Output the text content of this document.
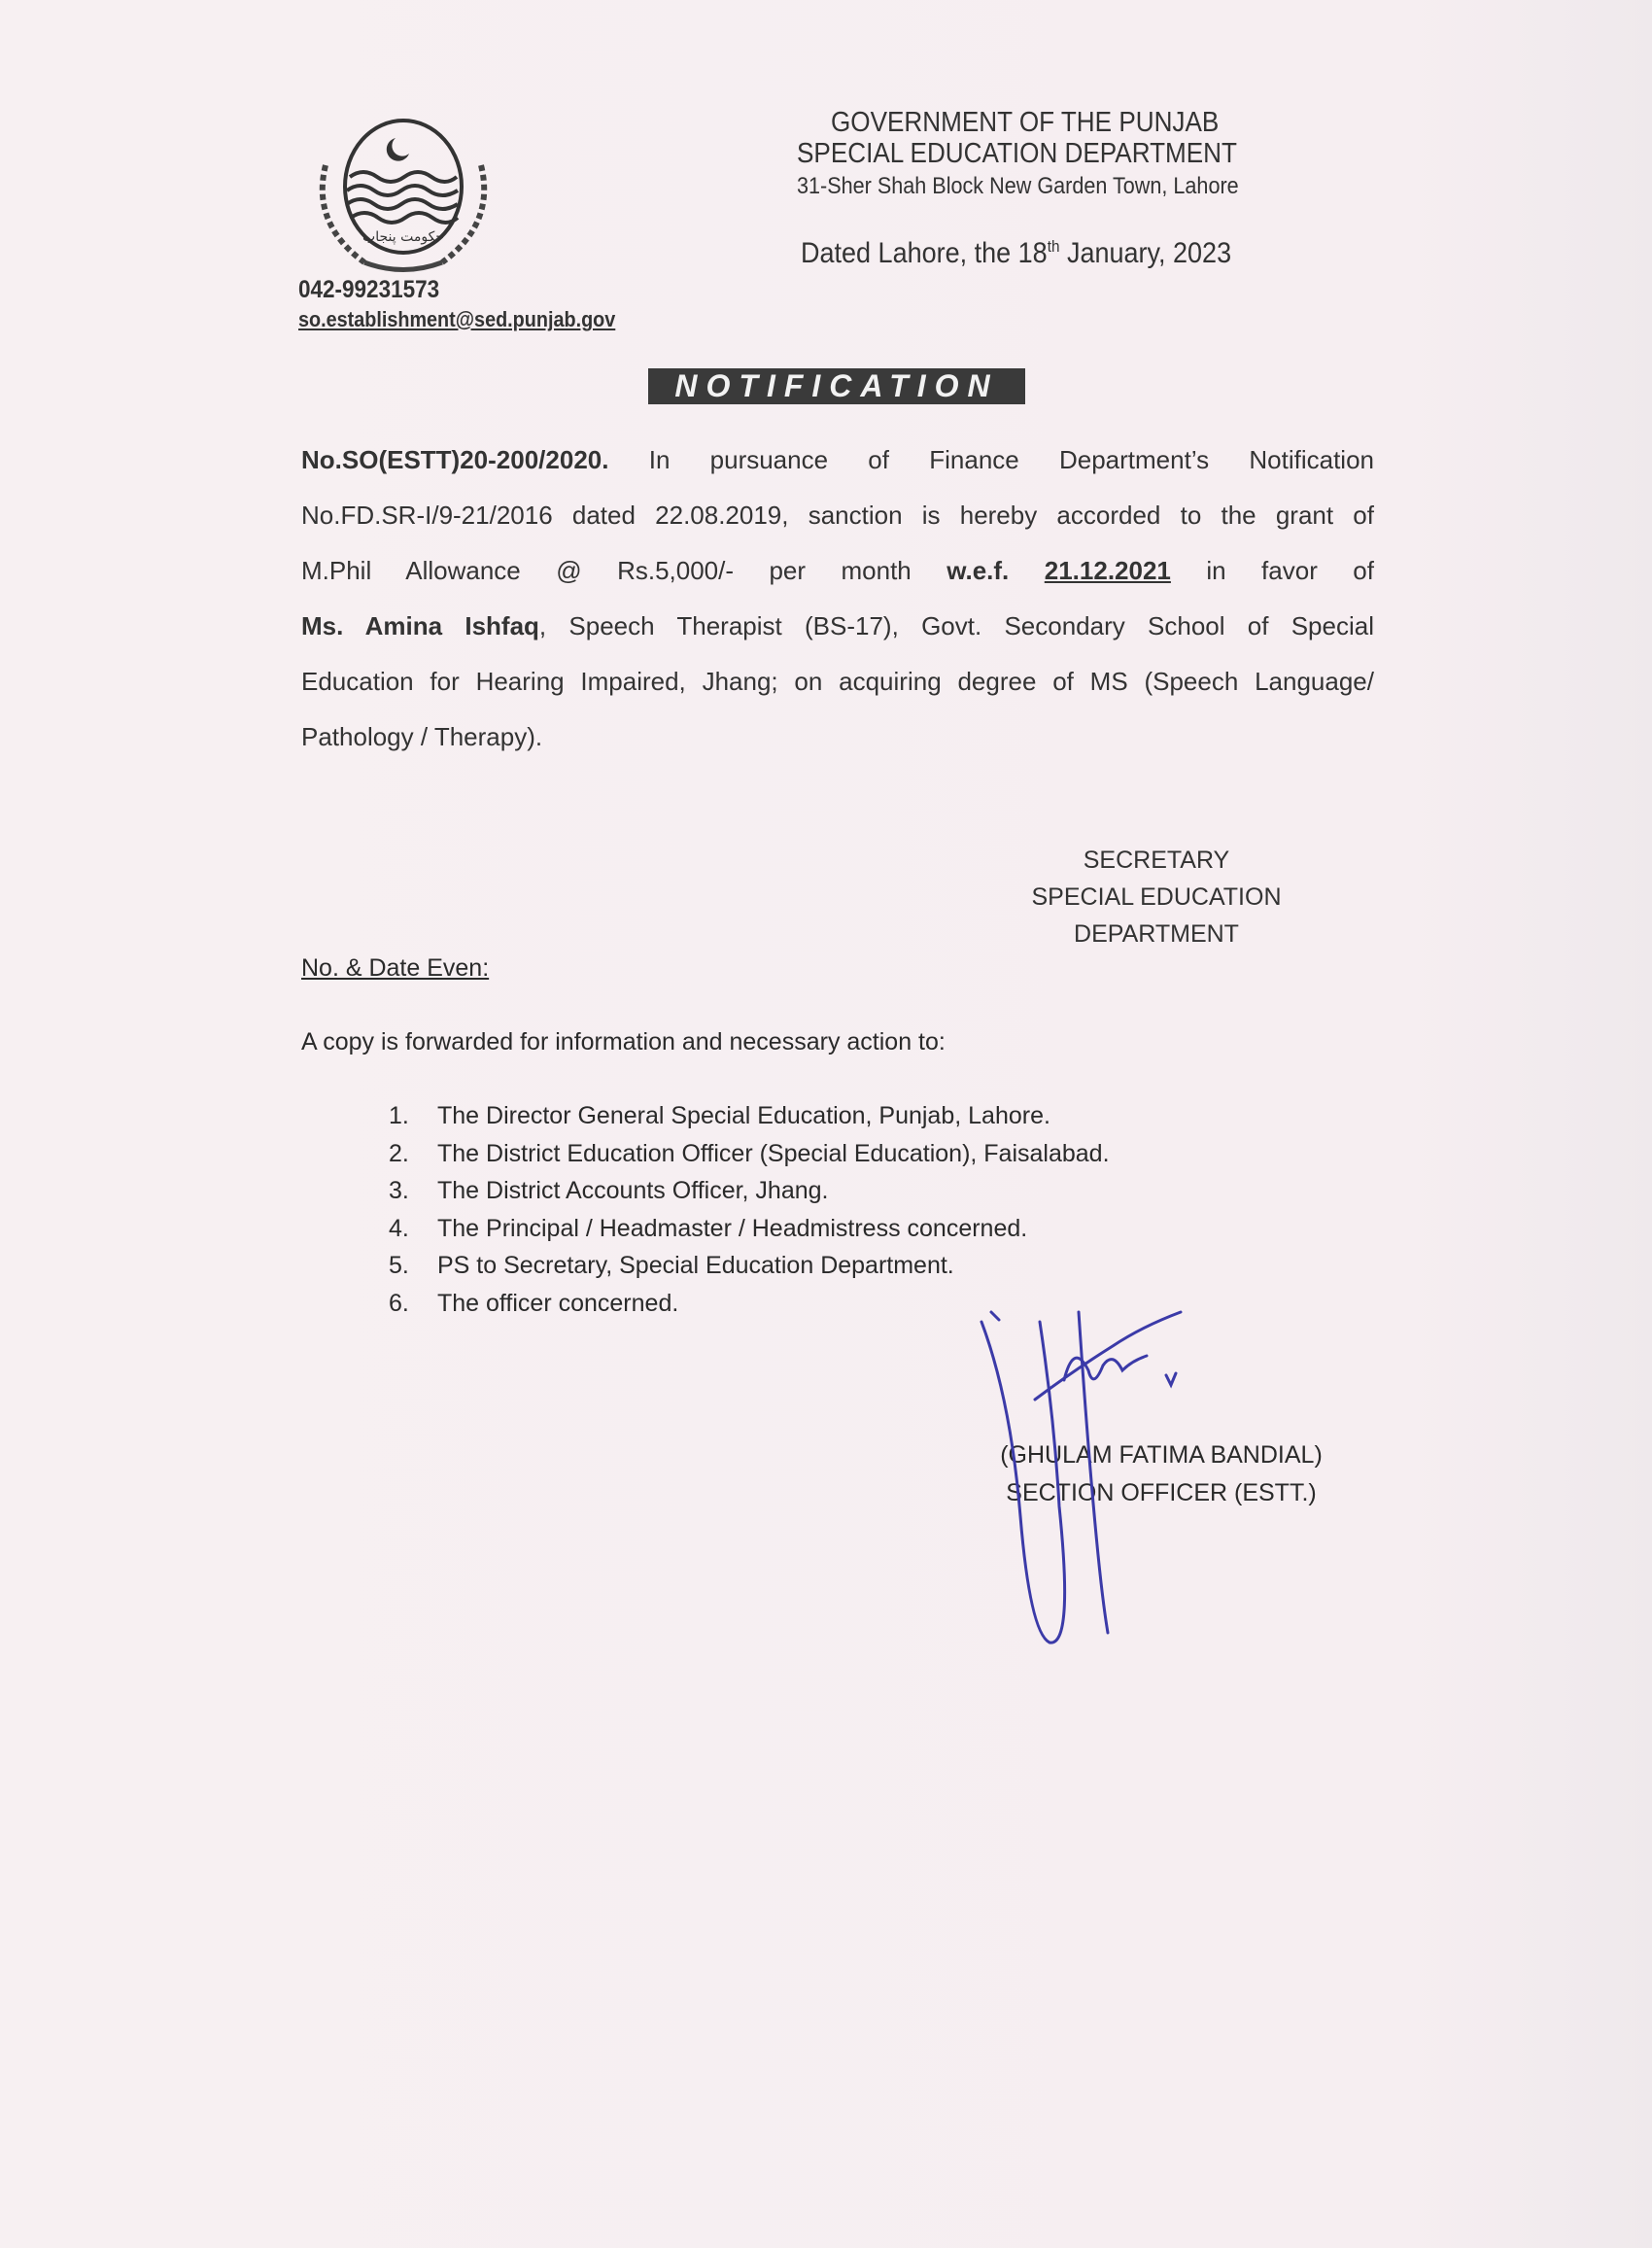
حکومت پنجاب
GOVERNMENT OF THE PUNJAB
SPECIAL EDUCATION DEPARTMENT
31-Sher Shah Block New Garden Town, Lahore
Dated Lahore, the 18th January, 2023
042-99231573
so.establishment@sed.punjab.gov
NOTIFICATION
No.SO(ESTT)20-200/2020. In pursuance of Finance Department’s Notification
No.FD.SR-I/9-21/2016 dated 22.08.2019, sanction is hereby accorded to the grant of
M.Phil Allowance @ Rs.5,000/- per month w.e.f. 21.12.2021 in favor of
Ms. Amina Ishfaq, Speech Therapist (BS-17), Govt. Secondary School of Special
Education for Hearing Impaired, Jhang; on acquiring degree of MS (Speech Language/
Pathology / Therapy).
SECRETARY
SPECIAL EDUCATION
DEPARTMENT
No. & Date Even:
A copy is forwarded for information and necessary action to:
1. The Director General Special Education, Punjab, Lahore.
2. The District Education Officer (Special Education), Faisalabad.
3. The District Accounts Officer, Jhang.
4. The Principal / Headmaster / Headmistress concerned.
5. PS to Secretary, Special Education Department.
6. The officer concerned.
(GHULAM FATIMA BANDIAL)
SECTION OFFICER (ESTT.)
